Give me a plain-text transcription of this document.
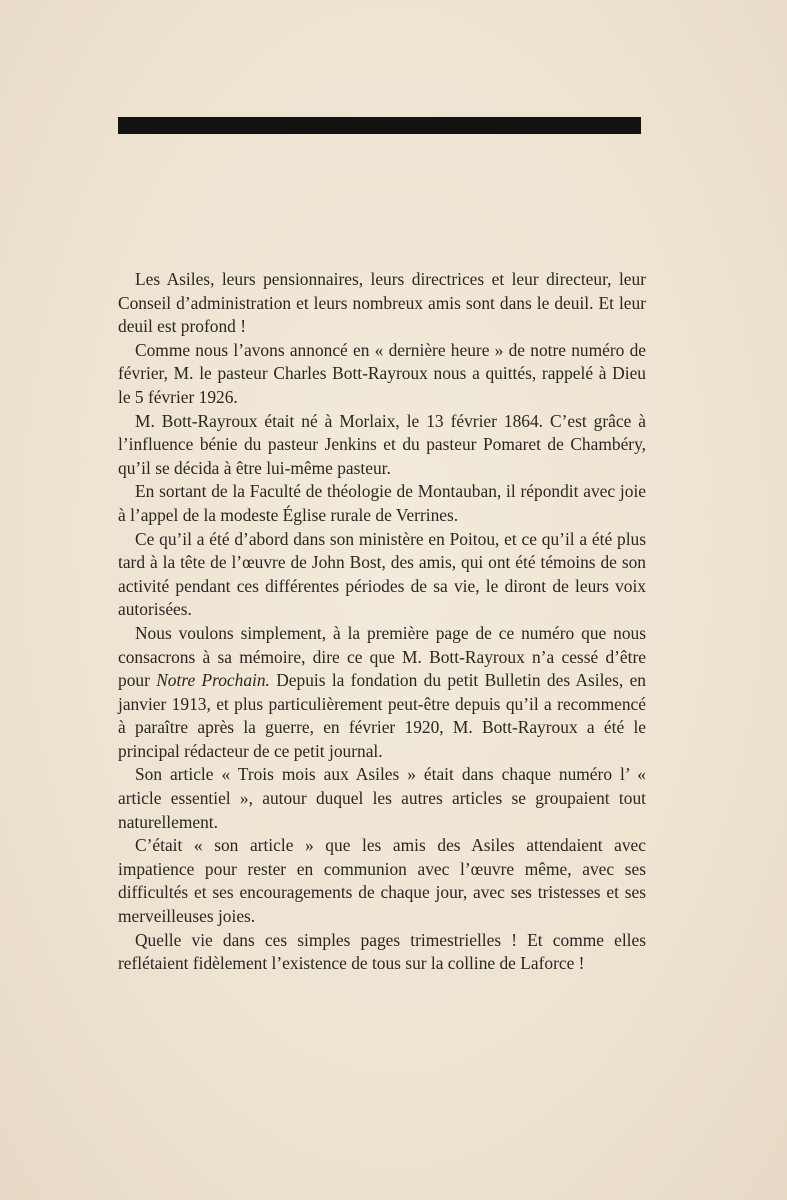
Les Asiles, leurs pensionnaires, leurs directrices et leur directeur, leur Conseil d’administration et leurs nombreux amis sont dans le deuil. Et leur deuil est profond !

Comme nous l’avons annoncé en « dernière heure » de notre numéro de février, M. le pasteur Charles Bott-Rayroux nous a quittés, rappelé à Dieu le 5 février 1926.

M. Bott-Rayroux était né à Morlaix, le 13 février 1864. C’est grâce à l’influence bénie du pasteur Jenkins et du pasteur Pomaret de Chambéry, qu’il se décida à être lui-même pasteur.

En sortant de la Faculté de théologie de Montauban, il répondit avec joie à l’appel de la modeste Église rurale de Verrines.

Ce qu’il a été d’abord dans son ministère en Poitou, et ce qu’il a été plus tard à la tête de l’œuvre de John Bost, des amis, qui ont été témoins de son activité pendant ces différentes périodes de sa vie, le diront de leurs voix autorisées.

Nous voulons simplement, à la première page de ce numéro que nous consacrons à sa mémoire, dire ce que M. Bott-Rayroux n’a cessé d’être pour Notre Prochain. Depuis la fondation du petit Bulletin des Asiles, en janvier 1913, et plus particulièrement peut-être depuis qu’il a recommencé à paraître après la guerre, en février 1920, M. Bott-Rayroux a été le principal rédacteur de ce petit journal.

Son article « Trois mois aux Asiles » était dans chaque numéro l’ « article essentiel », autour duquel les autres articles se groupaient tout naturellement.

C’était « son article » que les amis des Asiles attendaient avec impatience pour rester en communion avec l’œuvre même, avec ses difficultés et ses encouragements de chaque jour, avec ses tristesses et ses merveilleuses joies.

Quelle vie dans ces simples pages trimestrielles ! Et comme elles reflétaient fidèlement l’existence de tous sur la colline de Laforce !
